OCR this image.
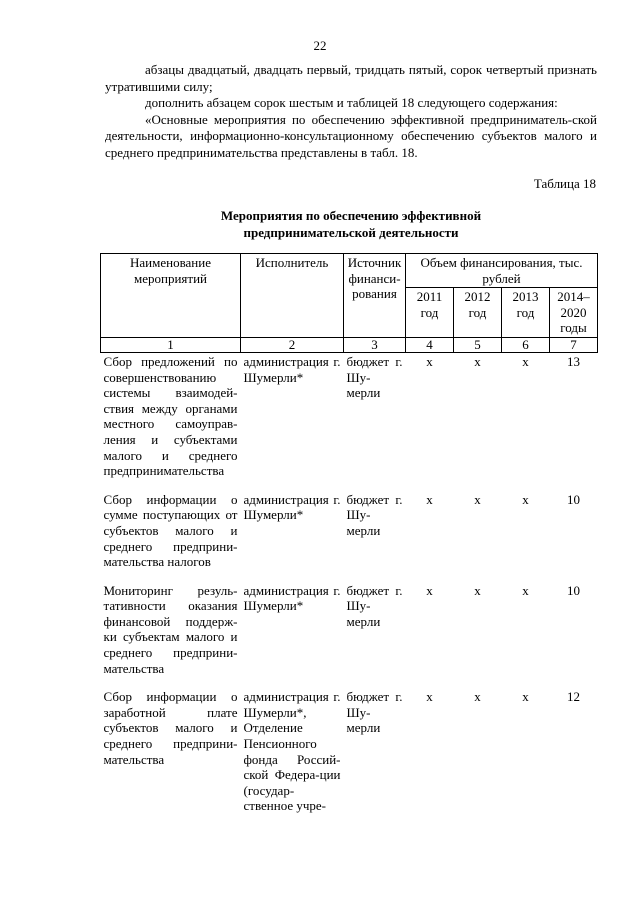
22

абзацы двадцатый, двадцать первый, тридцать пятый, сорок четвертый признать утратившими силу;

дополнить абзацем сорок шестым и таблицей 18 следующего содержания:

«Основные мероприятия по обеспечению эффективной предприниматель-ской деятельности, информационно-консультационному обеспечению субъектов малого и среднего предпринимательства представлены в табл. 18.

Таблица 18
Мероприятия по обеспечению эффективной
предпринимательской деятельности
Наименование мероприятий	Исполнитель	Источник финанси-рования	Объем финансирования, тыс. рублей			
			2011 год	2012 год	2013 год	2014–2020 годы
1	2	3	4	5	6	7
Сбор предложений по совершенствованию системы взаимодей-ствия между органами местного самоуправ-ления и субъектами малого и среднего предпринимательства	администрация г. Шумерли*	бюджет г. Шу-мерли	х	х	х	13
Сбор информации о сумме поступающих от субъектов малого и среднего предприни-мательства налогов	администрация г. Шумерли*	бюджет г. Шу-мерли	х	х	х	10
Мониторинг резуль-тативности оказания финансовой поддерж-ки субъектам малого и среднего предприни-мательства	администрация г. Шумерли*	бюджет г. Шу-мерли	х	х	х	10
Сбор информации о заработной плате субъектов малого и среднего предприни-мательства	администрация г. Шумерли*, Отделение Пенсионного фонда Россий-ской Федера-ции (государ-ственное учре-	бюджет г. Шу-мерли	х	х	х	12
